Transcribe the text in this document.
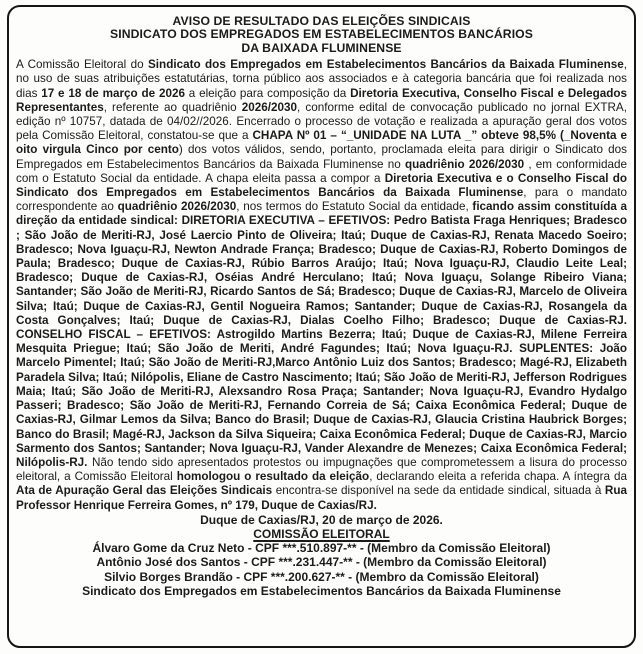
AVISO DE RESULTADO DAS ELEIÇÕES SINDICAIS
SINDICATO DOS EMPREGADOS EM ESTABELECIMENTOS BANCÁRIOS
DA BAIXADA FLUMINENSE

A Comissão Eleitoral do Sindicato dos Empregados em Estabelecimentos Bancários da Baixada Fluminense, no uso de suas atribuições estatutárias, torna público aos associados e à categoria bancária que foi realizada nos dias 17 e 18 de março de 2026 a eleição para composição da Diretoria Executiva, Conselho Fiscal e Delegados Representantes, referente ao quadriênio 2026/2030, conforme edital de convocação publicado no jornal EXTRA, edição nº 10757, datada de 04/02//2026. Encerrado o processo de votação e realizada a apuração geral dos votos pela Comissão Eleitoral, constatou-se que a CHAPA Nº 01 – “_UNIDADE NA LUTA _” obteve 98,5% (_Noventa e oito virgula Cinco por cento) dos votos válidos, sendo, portanto, proclamada eleita para dirigir o Sindicato dos Empregados em Estabelecimentos Bancários da Baixada Fluminense no quadriênio 2026/2030 , em conformidade com o Estatuto Social da entidade. A chapa eleita passa a compor a Diretoria Executiva e o Conselho Fiscal do Sindicato dos Empregados em Estabelecimentos Bancários da Baixada Fluminense, para o mandato correspondente ao quadriênio 2026/2030, nos termos do Estatuto Social da entidade, ficando assim constituída a direção da entidade sindical: DIRETORIA EXECUTIVA – EFETIVOS: Pedro Batista Fraga Henriques; Bradesco ; São João de Meriti-RJ, José Laercio Pinto de Oliveira; Itaú; Duque de Caxias-RJ, Renata Macedo Soeiro; Bradesco; Nova Iguaçu-RJ, Newton Andrade França; Bradesco; Duque de Caxias-RJ, Roberto Domingos de Paula; Bradesco; Duque de Caxias-RJ, Rúbio Barros Araújo; Itaú; Nova Iguaçu-RJ, Claudio Leite Leal; Bradesco; Duque de Caxias-RJ, Oséias André Herculano; Itaú; Nova Iguaçu, Solange Ribeiro Viana; Santander; São João de Meriti-RJ, Ricardo Santos de Sá; Bradesco; Duque de Caxias-RJ, Marcelo de Oliveira Silva; Itaú; Duque de Caxias-RJ, Gentil Nogueira Ramos; Santander; Duque de Caxias-RJ, Rosangela da Costa Gonçalves; Itaú; Duque de Caxias-RJ, Dialas Coelho Filho; Bradesco; Duque de Caxias-RJ. CONSELHO FISCAL – EFETIVOS: Astrogildo Martins Bezerra; Itaú; Duque de Caxias-RJ, Milene Ferreira Mesquita Priegue; Itaú; São João de Meriti, André Fagundes; Itaú; Nova Iguaçu-RJ. SUPLENTES: João Marcelo Pimentel; Itaú; São João de Meriti-RJ,Marco Antônio Luiz dos Santos; Bradesco; Magé-RJ, Elizabeth Paradela Silva; Itaú; Nilópolis, Eliane de Castro Nascimento; Itaú; São João de Meriti-RJ, Jefferson Rodrigues Maia; Itaú; São João de Meriti-RJ, Alexsandro Rosa Praça; Santander; Nova Iguaçu-RJ, Evandro Hydalgo Passeri; Bradesco; São João de Meriti-RJ, Fernando Correia de Sá; Caixa Econômica Federal; Duque de Caxias-RJ, Gilmar Lemos da Silva; Banco do Brasil; Duque de Caxias-RJ, Glaucia Cristina Haubrick Borges; Banco do Brasil; Magé-RJ, Jackson da Silva Siqueira; Caixa Econômica Federal; Duque de Caxias-RJ, Marcio Sarmento dos Santos; Santander; Nova Iguaçu-RJ, Vander Alexandre de Menezes; Caixa Econômica Federal; Nilópolis-RJ. Não tendo sido apresentados protestos ou impugnações que comprometessem a lisura do processo eleitoral, a Comissão Eleitoral homologou o resultado da eleição, declarando eleita a referida chapa. A íntegra da Ata de Apuração Geral das Eleições Sindicais encontra-se disponível na sede da entidade sindical, situada à Rua Professor Henrique Ferreira Gomes, nº 179, Duque de Caxias/RJ.

Duque de Caxias/RJ, 20 de março de 2026.
COMISSÃO ELEITORAL
Álvaro Gome da Cruz Neto - CPF ***.510.897-** - (Membro da Comissão Eleitoral)
Antônio José dos Santos - CPF ***.231.447-** - (Membro da Comissão Eleitoral)
Silvio Borges Brandão - CPF ***.200.627-** - (Membro da Comissão Eleitoral)
Sindicato dos Empregados em Estabelecimentos Bancários da Baixada Fluminense
